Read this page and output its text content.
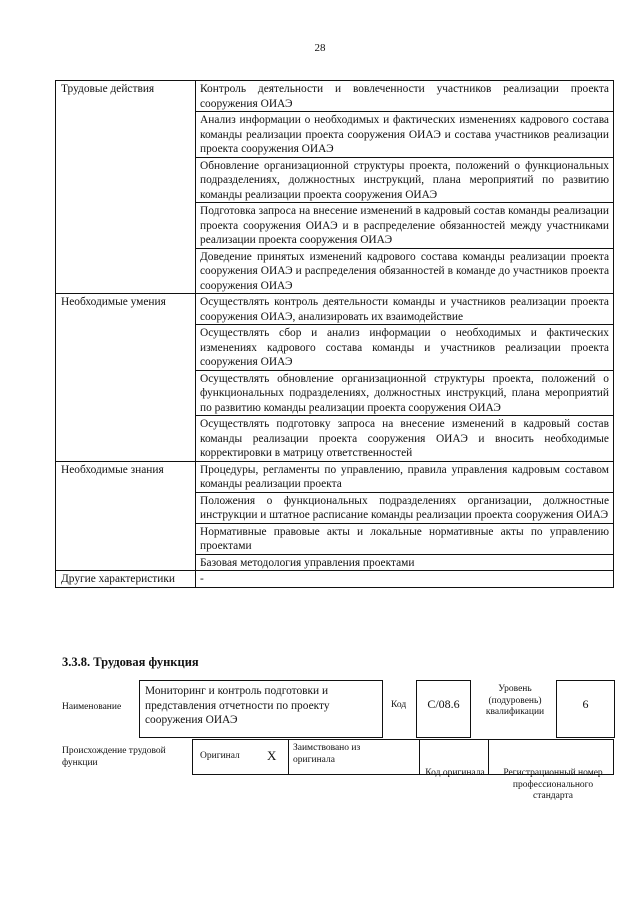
28
Трудовые действия	Контроль деятельности и вовлеченности участников реализации проекта сооружения ОИАЭ
	Анализ информации о необходимых и фактических изменениях кадрового состава команды реализации проекта сооружения ОИАЭ и состава участников реализации проекта сооружения ОИАЭ
	Обновление организационной структуры проекта, положений о функциональных подразделениях, должностных инструкций, плана мероприятий по развитию команды реализации проекта сооружения ОИАЭ
	Подготовка запроса на внесение изменений в кадровый состав команды реализации проекта сооружения ОИАЭ и в распределение обязанностей между участниками реализации проекта сооружения ОИАЭ
	Доведение принятых изменений кадрового состава команды реализации проекта сооружения ОИАЭ и распределения обязанностей в команде до участников проекта сооружения ОИАЭ
Необходимые умения	Осуществлять контроль деятельности команды и участников реализации проекта сооружения ОИАЭ, анализировать их взаимодействие
	Осуществлять сбор и анализ информации о необходимых и фактических изменениях кадрового состава команды и участников реализации проекта сооружения ОИАЭ
	Осуществлять обновление организационной структуры проекта, положений о функциональных подразделениях, должностных инструкций, плана мероприятий по развитию команды реализации проекта сооружения ОИАЭ
	Осуществлять подготовку запроса на внесение изменений в кадровый состав команды реализации проекта сооружения ОИАЭ и вносить необходимые корректировки в матрицу ответственностей
Необходимые знания	Процедуры, регламенты по управлению, правила управления кадровым составом команды реализации проекта
	Положения о функциональных подразделениях организации, должностные инструкции и штатное расписание команды реализации проекта сооружения ОИАЭ
	Нормативные правовые акты и локальные нормативные акты по управлению проектами
	Базовая методология управления проектами
Другие характеристики	-
3.3.8. Трудовая функция
Наименование
Мониторинг и контроль подготовки и представления отчетности по проекту сооружения ОИАЭ
Код	C/08.6
Уровень (подуровень) квалификации
6
Происхождение трудовой функции
Оригинал X Заимствовано из оригинала
Код оригинала	Регистрационный номер профессионального стандарта
